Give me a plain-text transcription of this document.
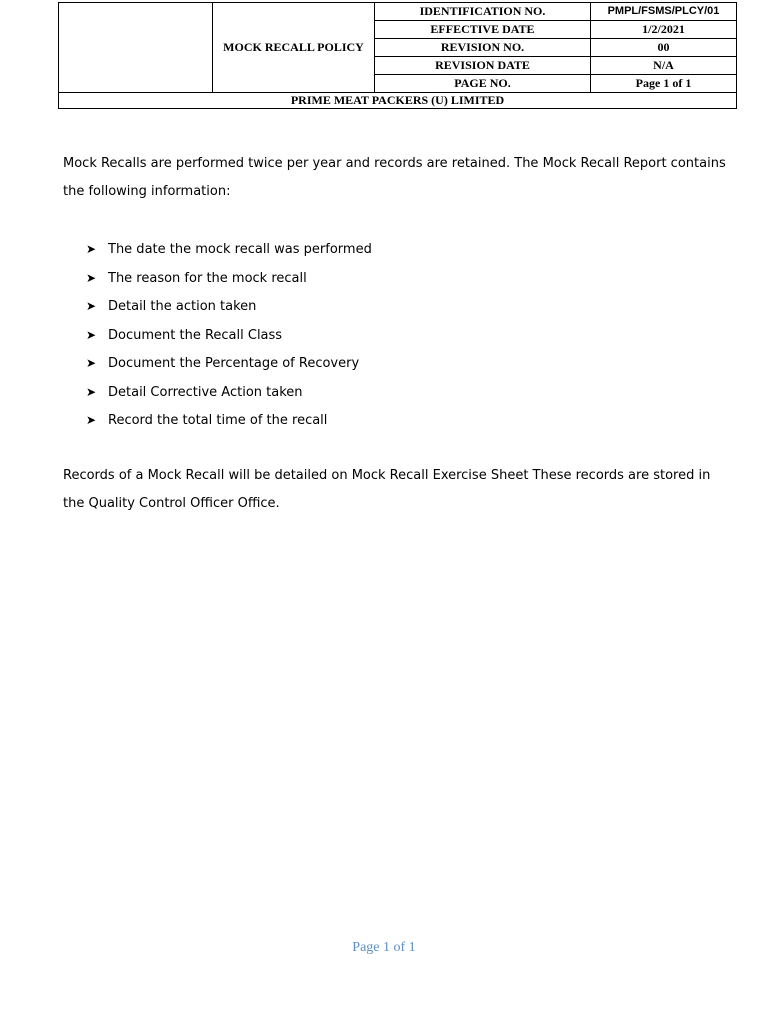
	MOCK RECALL POLICY	IDENTIFICATION NO.	PMPL/FSMS/PLCY/01
		EFFECTIVE DATE	1/2/2021
		REVISION NO.	00
		REVISION DATE	N/A
		PAGE NO.	Page 1 of 1
PRIME MEAT PACKERS (U) LIMITED			

Mock Recalls are performed twice per year and records are retained. The Mock Recall Report contains the following information:

➤ The date the mock recall was performed
➤ The reason for the mock recall
➤ Detail the action taken
➤ Document the Recall Class
➤ Document the Percentage of Recovery
➤ Detail Corrective Action taken
➤ Record the total time of the recall

Records of a Mock Recall will be detailed on Mock Recall Exercise Sheet These records are stored in the Quality Control Officer Office.

Page 1 of 1
